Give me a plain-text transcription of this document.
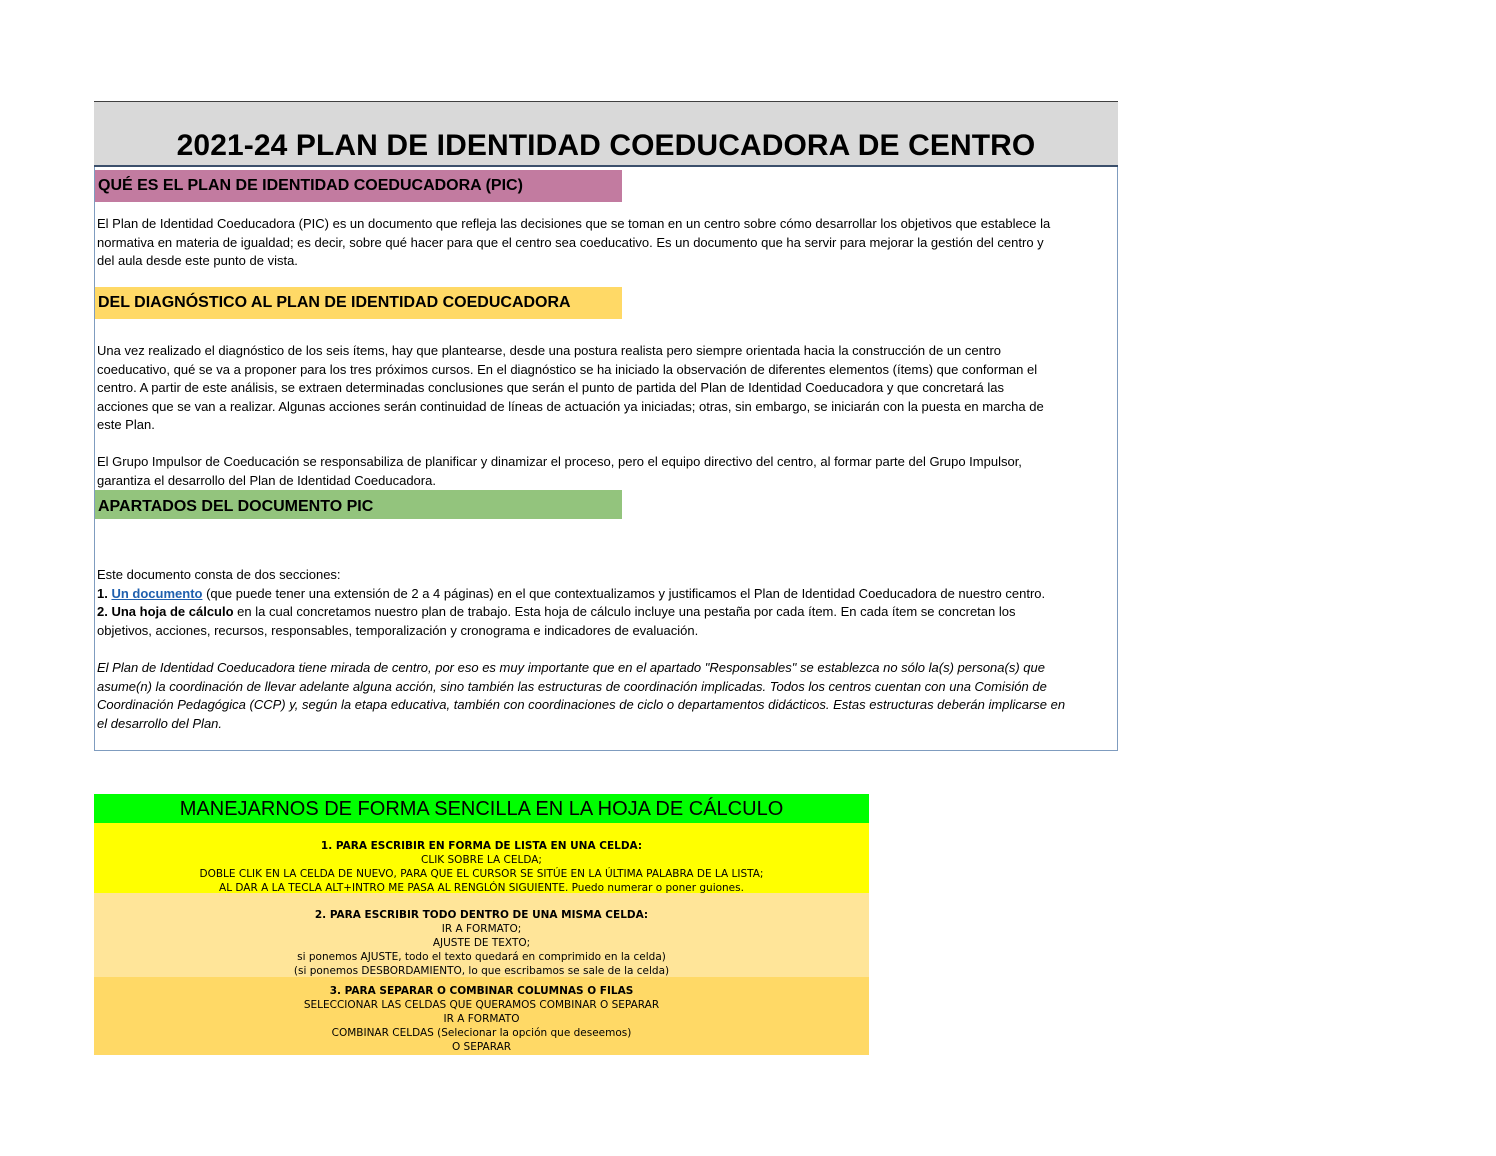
2021-24 PLAN DE IDENTIDAD COEDUCADORA DE CENTRO
QUÉ ES EL PLAN DE IDENTIDAD COEDUCADORA (PIC)
El Plan de Identidad Coeducadora (PIC) es un documento que refleja las decisiones que se toman en un centro sobre cómo desarrollar los objetivos que establece la
normativa en materia de igualdad; es decir, sobre qué hacer para que el centro sea coeducativo. Es un documento que ha servir para mejorar la gestión del centro y
del aula desde este punto de vista.
DEL DIAGNÓSTICO AL PLAN DE IDENTIDAD COEDUCADORA
Una vez realizado el diagnóstico de los seis ítems, hay que plantearse, desde una postura realista pero siempre orientada hacia la construcción de un centro
coeducativo, qué se va a proponer para los tres próximos cursos. En el diagnóstico se ha iniciado la observación de diferentes elementos (ítems) que conforman el
centro. A partir de este análisis, se extraen determinadas conclusiones que serán el punto de partida del Plan de Identidad Coeducadora y que concretará las
acciones que se van a realizar. Algunas acciones serán continuidad de líneas de actuación ya iniciadas; otras, sin embargo, se iniciarán con la puesta en marcha de
este Plan.
El Grupo Impulsor de Coeducación se responsabiliza de planificar y dinamizar el proceso, pero el equipo directivo del centro, al formar parte del Grupo Impulsor,
garantiza el desarrollo del Plan de Identidad Coeducadora.
APARTADOS DEL DOCUMENTO PIC
Este documento consta de dos secciones:
1. Un documento (que puede tener una extensión de 2 a 4 páginas) en el que contextualizamos y justificamos el Plan de Identidad Coeducadora de nuestro centro.
2. Una hoja de cálculo en la cual concretamos nuestro plan de trabajo. Esta hoja de cálculo incluye una pestaña por cada ítem. En cada ítem se concretan los
objetivos, acciones, recursos, responsables, temporalización y cronograma e indicadores de evaluación.
El Plan de Identidad Coeducadora tiene mirada de centro, por eso es muy importante que en el apartado "Responsables" se establezca no sólo la(s) persona(s) que
asume(n) la coordinación de llevar adelante alguna acción, sino también las estructuras de coordinación implicadas. Todos los centros cuentan con una Comisión de
Coordinación Pedagógica (CCP) y, según la etapa educativa, también con coordinaciones de ciclo o departamentos didácticos. Estas estructuras deberán implicarse en
el desarrollo del Plan.
MANEJARNOS DE FORMA SENCILLA EN LA HOJA DE CÁLCULO
1. PARA ESCRIBIR EN FORMA DE LISTA EN UNA CELDA:
CLIK SOBRE LA CELDA;
DOBLE CLIK EN LA CELDA DE NUEVO, PARA QUE EL CURSOR SE SITÚE EN LA ÚLTIMA PALABRA DE LA LISTA;
AL DAR A LA TECLA ALT+INTRO ME PASA AL RENGLÓN SIGUIENTE. Puedo numerar o poner guiones.
2. PARA ESCRIBIR TODO DENTRO DE UNA MISMA CELDA:
IR A FORMATO;
AJUSTE DE TEXTO;
si ponemos AJUSTE, todo el texto quedará en comprimido en la celda)
(si ponemos DESBORDAMIENTO, lo que escribamos se sale de la celda)
3. PARA SEPARAR O COMBINAR COLUMNAS O FILAS
SELECCIONAR LAS CELDAS QUE QUERAMOS COMBINAR O SEPARAR
IR A FORMATO
COMBINAR CELDAS (Selecionar la opción que deseemos)
O SEPARAR
